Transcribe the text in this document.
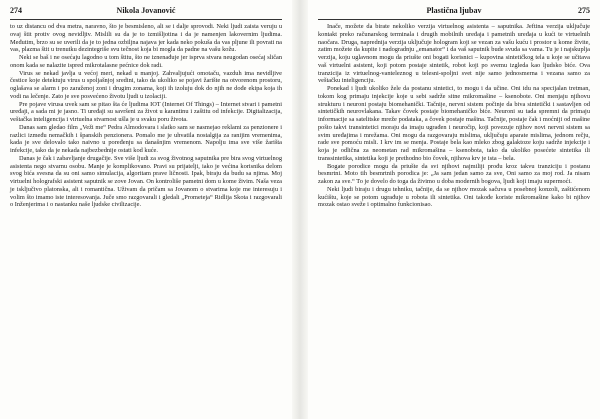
274	Nikola Jovanović

to uz distancu od dva metra, naravno, što je besmisleno, ali se i dalje sprovodi. Neki ljudi zaista veruju u ovaj štit protiv ovog nevidljiv. Mislili su da je to izmišljotina i da je namenjen lakovernim ljudima. Međutim, brzo su se uverili da je to jedna ozbiljna najava jer kada neko pokuša da vas pljune ili povrati na vas, plazma štit u trenutku dezintegriše svu tečnost koja bi mogla da padne na vašu kožu.

Neki se baš i ne osećaju lagodno u tom štitu, što ne iznenađuje jer isprva stvara neugodan osećaj sličan onom kada se nalazite ispred mikrotalasne pećnice dok radi.

Virus se nekad javlja u većoj meri, nekad u manjoj. Zahvaljujući omotaču, vazduh ima nevidljive čestice koje detektuju virus u spoljašnjoj sredini, tako da ukoliko se pojavi žarište na otvorenom prostoru, oglašava se alarm i po zaraženoj zoni i drugim zonama, koji ih izoluju dok do njih ne dođe ekipa koja ih vodi na lečenje. Zato je sve posvećeno životu ljudi u izolaciji.

Pre pojave virusa uvek sam se pitao šta će ljudima IOT (Internet Of Things) – Internet stvari i pametni uređaji, a sada mi je jasno. Ti uređaji su savršeni za život u karantinu i zaštitu od infekcije. Digitalizacija, veštačka inteligencija i virtuelna stvarnost ušla je u svaku poru života.

Danas sam gledao film „Veži me“ Pedra Almodovara i slatko sam se nasmejao reklami za penzionere i razlici između nemačkih i španskih penzionera. Pomalo me je uhvatila nostalgija za ranijim vremenima, kada je sve delovalo tako naivno u poređenju sa današnjim vremenom. Napolju ima sve više žarišta infekcije, tako da je nekada najbezbednije ostati kod kuće.

Danas je čak i zabavljanje drugačije. Sve više ljudi za svog životnog saputnika pre bira svog virtuelnog asistenta nego stvarnu osobu. Manje je komplikovano. Pravi su prijatelji, iako je većina korisnika delom svog bića svesna da su oni samo simulacija, algoritam prave ličnosti. Ipak, biraju da budu sa njima. Moj virtuelni holografski asistent saputnik se zove Jovan. On kontroliše pametni dom u kome živim. Naša veza je isključivo platonska, ali i romantična. Uživam da pričam sa Jovanom o stvarima koje me interesuju i volim što imamo iste interesovanja. Juče smo razgovarali i gledali „Prometeja“ Ridlija Skota i razgovarali o Inženjerima i o nastanku naše ljudske civilizacije.

Plastična ljubav	275

Inače, možete da birate nekoliko verzija virtuelnog asistenta – saputnika. Jeftina verzija uključuje kontakt preko računarskog terminala i drugih mobilnih uređaja i pametnih uređaja u kući te virtuelnih naočara. Druga, naprednija verzija uključuje hologram koji se vezan za vašu kuću i prostor u kome živite, zatim možete da kupite i nadogradnju „emanator“ i da vaš saputnik bude svuda sa vama. Tu je i najskuplja verzija, koju uglavnom mogu da priušte oni bogati korisnici – kupovina sintetičkog tela u koje se učitava vaš virtuelni asistent, koji potom postaje sintetik, robot koji po svemu izgleda kao ljudsko biće. Ova tranzicija iz virtuelnog-vanteleznog u telesni-spoljni svet nije samo jednosmerna i vezana samo za veštačku inteligenciju.

Ponekad i ljudi ukoliko žele da postanu sintetici, to mogu i da učine. Oni idu na specijalan tretman, tokom kog primaju injekcije koje u sebi sadrže sitne mikromašine – ksenobote. Oni menjaju njihovu strukturu i neuroni postaju biomehanički. Tačnije, nervni sistem počinje da biva sintetički i sastavljen od sintetičkih neurovlakana. Takav čovek postaje biomehaničko biće. Neuroni su tada spremni da primaju informacije sa satelitske mreže podataka, a čovek postaje mašina. Tačnije, postaje čak i moćniji od mašine pošto takvi transintetici moraju da imaju ugrađen i neuročip, koji povezuje njihov novi nervni sistem sa svim uređajima i mrežama. Oni mogu da razgovaraju mislima, uključuju aparate mislima, jednom rečju, rade sve pomoću misli. I krv im se menja. Postaje bela kao mleko zbog galaktoze koju sadrže injekcije i koja je odlična za neometan rad mikromašina – ksenobota, tako da ukoliko posećete sintetika ili transsintetika, sintetika koji je prethodno bio čovek, njihova krv je ista – bela.

Bogate porodice mogu da priušte da svi njihovi najmiliji prođu kroz takvu tranziciju i postanu besmrtni. Moto tih besmrtnih porodica je: „Ja sam jedan samo za sve, Oni samo za moj rod. Ja nisam zakon za sve.“ To je dovelo do toga da živimo u doba modernih bogova, ljudi koji imaju supermoći.

Neki ljudi biraju i drugu tehniku, tačnije, da se njihov mozak sačuva u posebnoj konzoli, zaštićenom kućištu, koje se potom ugrađuje u robota ili sintetika. Oni takođe koriste mikromašine kako bi njihov mozak ostao sveže i optimalno funkcionisao.
